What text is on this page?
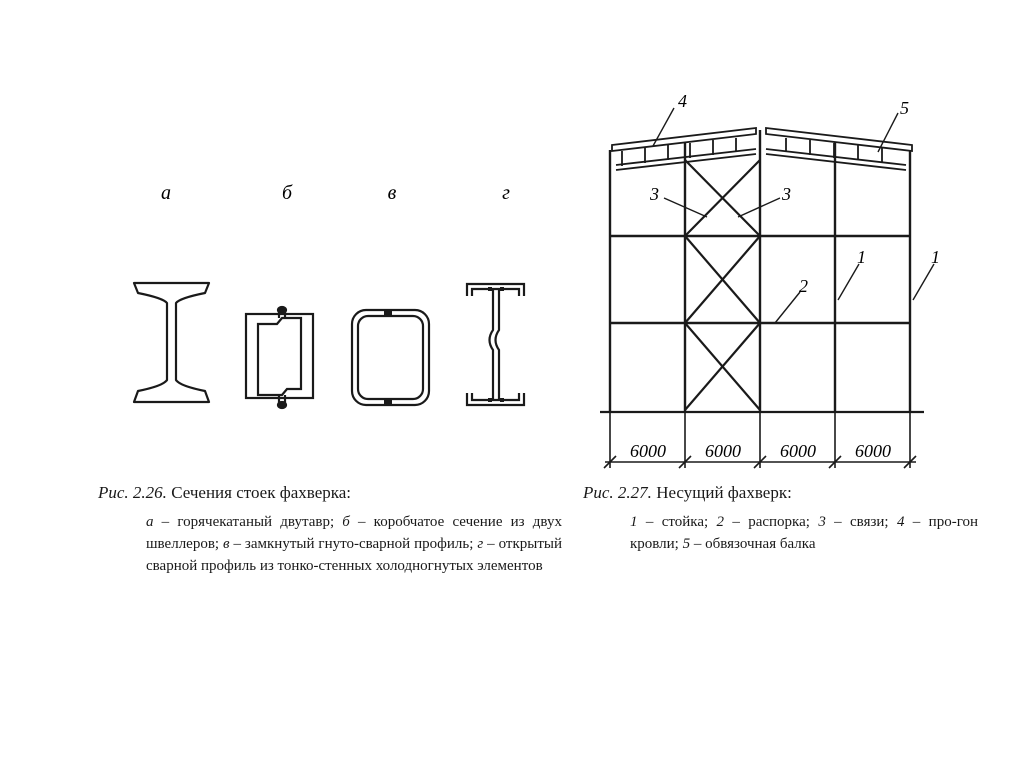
а	б	в	г
6000 6000 6000 6000
4	5
3	3
2
1	1
Рис. 2.26. Сечения стоек фахверка:
а – горячекатаный двутавр; б – коробчатое сечение из двух швеллеров; в – замкнутый гнуто-сварной профиль; г – открытый сварной профиль из тонко-стенных холодногнутых элементов
Рис. 2.27. Несущий фахверк:
1 – стойка; 2 – распорка; 3 – связи; 4 – про-гон кровли; 5 – обвязочная балка
